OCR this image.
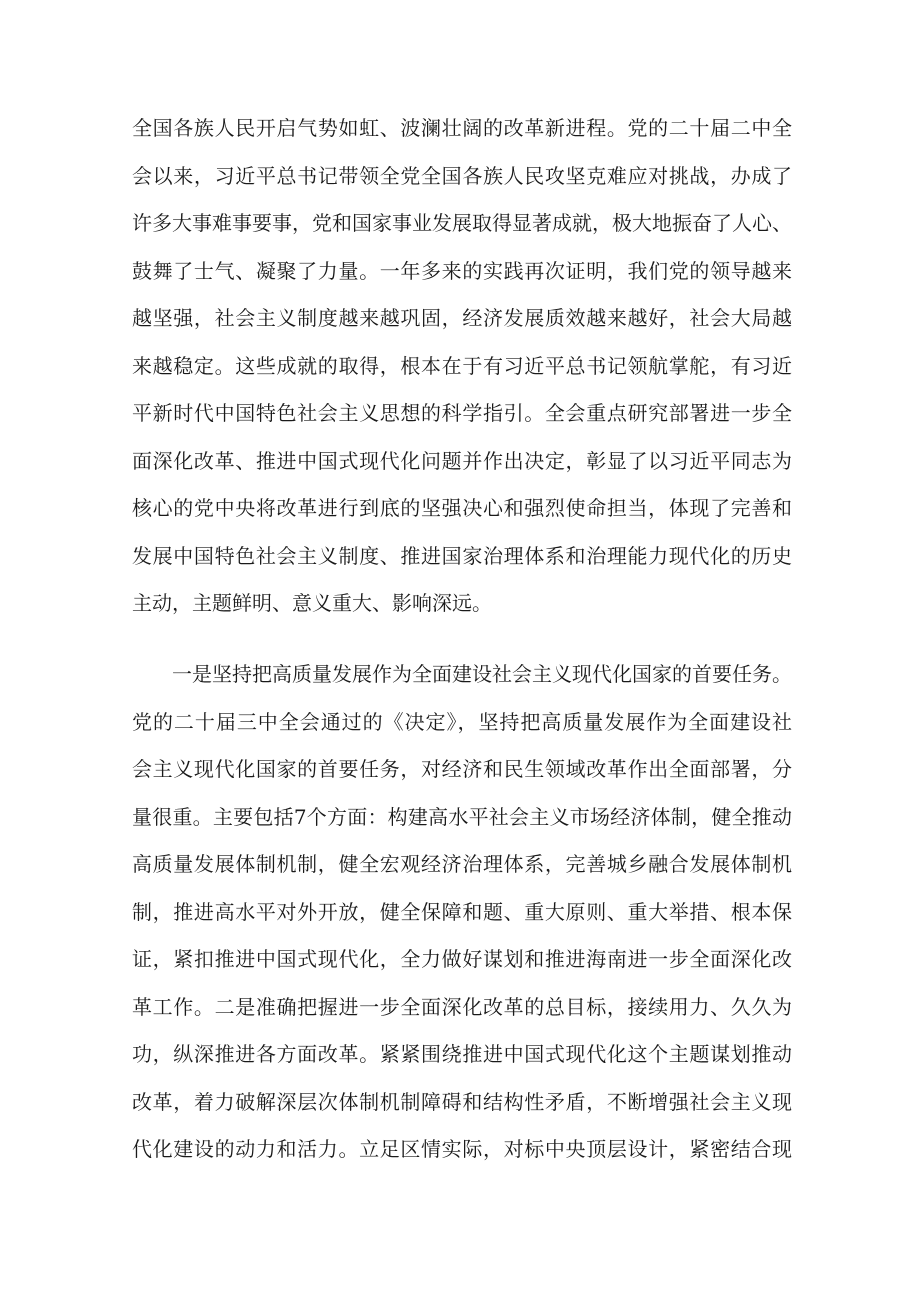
全国各族人民开启气势如虹、波澜壮阔的改革新进程。党的二十届二中全
会以来，习近平总书记带领全党全国各族人民攻坚克难应对挑战，办成了
许多大事难事要事，党和国家事业发展取得显著成就，极大地振奋了人心、
鼓舞了士气、凝聚了力量。一年多来的实践再次证明，我们党的领导越来
越坚强，社会主义制度越来越巩固，经济发展质效越来越好，社会大局越
来越稳定。这些成就的取得，根本在于有习近平总书记领航掌舵，有习近
平新时代中国特色社会主义思想的科学指引。全会重点研究部署进一步全
面深化改革、推进中国式现代化问题并作出决定，彰显了以习近平同志为
核心的党中央将改革进行到底的坚强决心和强烈使命担当，体现了完善和
发展中国特色社会主义制度、推进国家治理体系和治理能力现代化的历史
主动，主题鲜明、意义重大、影响深远。
一是坚持把高质量发展作为全面建设社会主义现代化国家的首要任务。
党的二十届三中全会通过的《决定》，坚持把高质量发展作为全面建设社
会主义现代化国家的首要任务，对经济和民生领域改革作出全面部署，分
量很重。主要包括7个方面：构建高水平社会主义市场经济体制，健全推动
高质量发展体制机制，健全宏观经济治理体系，完善城乡融合发展体制机
制，推进高水平对外开放，健全保障和题、重大原则、重大举措、根本保
证，紧扣推进中国式现代化，全力做好谋划和推进海南进一步全面深化改
革工作。二是准确把握进一步全面深化改革的总目标，接续用力、久久为
功，纵深推进各方面改革。紧紧围绕推进中国式现代化这个主题谋划推动
改革，着力破解深层次体制机制障碍和结构性矛盾，不断增强社会主义现
代化建设的动力和活力。立足区情实际，对标中央顶层设计，紧密结合现
